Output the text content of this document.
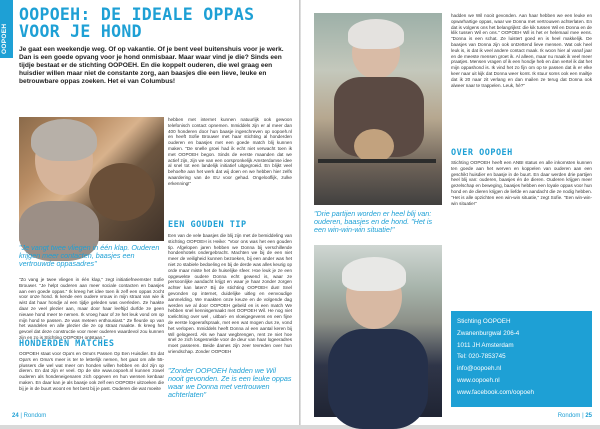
OOPOEH
OOPOEH: DE IDEALE OPPAS VOOR JE HOND
Je gaat een weekendje weg. Of op vakantie. Of je bent veel buitenshuis voor je werk. Dan is een goede opvang voor je hond onmisbaar. Maar waar vind je die? Sinds een tijdje bestaat er de stichting OOPOEH. En die koppelt ouderen, die wel graag een huisdier willen maar niet de constante zorg, aan baasjes die een lieve, leuke en betrouwbare oppas zoeken. Het ei van Columbus!
hebben met internet kunnen natuurlijk ook gewoon telefonisch contact opnemen. Inmiddels zijn er al meer dan 400 honderen door hun baasje ingeschreven op oopoeh.nl en heeft Sofie Brouwer met haar stichting al honderden ouderen en baasjes met een goede match blij kunnen maken. "De snelle groei had ik echt niet verwacht toen ik met OOPOEH begon. Sinds de eerste maanden dat we actief zijn, zijn we van een oorspronkelijk Amsterdamse idee al snel tot een landelijk initiatief uitgegroeid. En blijkt veel behoefte aan het werk dat wij doen en we hebben hier zelfs waardering van de EU voor gehad. Ongelooflijk, zulke erkenning!"
"Je vangt twee vliegen in één klap. Ouderen krijgen meer contacten, baasjes een vertrouwde oppasadres"
"Zo vang je twee vliegen in één klap," zegt initiatiefneemster Sofie Brouwer. "Je helpt ouderen aan meer sociale contacten en baasjes aan een goede oppas." Ik kreeg het idee toen ik zelf een oppas zocht voor onze hond. Ik kende een oudere vrouw in mijn straat van wie ik wist dat haar hondje al een tijdje geleden was overleden. Ze haakte daar ze veel plezier aan, maar door haar leeftijd durfde ze geen nieuwe hond meer te nemen. Ik vroeg haar of ze het leuk vond om op mijn hond te passen. Ze was meteen enthousiast." Ze fleurde op van het wandelen en alle plezier die ze op straat maakte. Ik kreeg het gevoel dat deze constructie voor meer ouderen waardevol zou kunnen zijn en zo is Stichting OOPOEH ontstaan."
HONDERDEN MATCHES
OOPOEH staat voor Opa's en Oma's Passen Op Een Huisdier. En dat Opa's en Oma's meer is ter te letterlijk nemen, het gaat om alle 55-plussers die wel wat meer om honden willen hebben en dol zijn op dieren. En dat zijn er veel. Op de site www.oopoeh.nl kunnen zowel ouderen als hondeneigenaren zich opgeven en hun wensen kenbaar maken. En daar kan je als baasje ook zelf een OOPOEH uitzoeken die bij je in de buurt woont en het best bij je past. Ouderen die wat moeite
EEN GOUDEN TIP
Een van de vele baasjes die blij zijn met de bemiddeling van stichting OOPOEH is Heike: "Voor ons was het een gouden tip. Afgelopen jaren hebben we Donna bij verschillende hondenhotels ondergebracht. Machten we bij de een niet meer de veiligheid kunnen bezoeken, bij een ander was het niet zo stabiele bedoeling en bij de derde was alles keurig op orde maar miste het de huiselijke sfeer. Hoe leuk je ze een opgewekte oudere Donna echt gewend is, waar ze persoonlijke aandacht krijgt en waar je haar zonder zorgen achter kan laten? Bij de stichting OOPOEH dus! Snel gevonden op internet, duidelijke uitleg en eenvoudige aanmelding. We maakten onze keuze en de volgende dag werden we al door OOPOEH gebeld en is een match We hebben snel kennisgemaakt met OOPOEH Wil. He nog niet toelichting over wel , uitbari- en vloeigegevens en een fijne de eerste logeerafspraak, met een wat mogen dus ze, vond het verlopen. Inmiddels heeft Donna al een aantal keren bij Wil gelogeerd. Als we haar wegbrengen, rent ze niet hoe snel ze zich losgesnelde voor de deur van haar logeeradres moet passeren. Beide dames zijn zeer tevreden over hun vriendschap. Zonder OOPOEH
"Zonder OOPOEH hadden we Wil nooit gevonden. Ze is een leuke oppas waar we Donna met vertrouwen achterlaten"
24 | Rondom
hadden we Wil nooit gevonden. Aan haar hebben we een leuke en opwarhartige oppas, waar we Donna met vertrouwen achterlaten. En dat is volgens ons het belangrijkst: die kik tussen Wil en Donna en de klik tussen Wil en ons." OOPOEH Wil is het er helemaal mee eens. "Donna is een schat. Ze luistert goed en is heel makkelijk. De baasjes van Donna zijn ook ontzettend lieve mensen. Wat ook heel leuk is, is dat ik veel andere contact maak. Ik woon hier al vanaf jaar en de meeste mensen groet ik. Al alleen, maar nu maak ik veel meer praatjes. Mensen vragen of ik een hondje heb en dan vertel ik dat het mijn oppashond is. Ik vind het zo fijn om op te passen dat ik er elke keer naar uit kijk dat Donna weer komt. Ik stuur soms ook een mailtje dat ik 20 naar zit verlang en dan mailen ze terug dat Donna ook alweer naar te trappelen. Leuk, hè?"
OVER OOPOEH
Stichting OOPOEH heeft een ANBI status en alle inkomsten kunnen ten goede aan het werven en koppelen van ouderen aan een geschikt huisdier en baasje in de buurt. En daar werden drie partijen heel blij van: ouderen, baasjes én de dieren. Ouderen krijgen meer gezelschap en beweging, baasjes hebben een loyale oppas voor hun hond en de dieren krijgen de liefde en aandacht die ze nodig hebben. "Het is alle opzichten een win-win situatie," zegt Sofie. "Een win-win-win situatie!"
"Drie partijen worden er heel blij van: ouderen, baasjes en de hond. "Het is een win-win-win situatie!"
Stichting OOPOEH
Zwanenburgwal 206-4
1011 JH Amsterdam
Tel: 020-7853745
info@oopoeh.nl
www.oopoeh.nl
www.facebook.com/oopoeh
Rondom | 25
